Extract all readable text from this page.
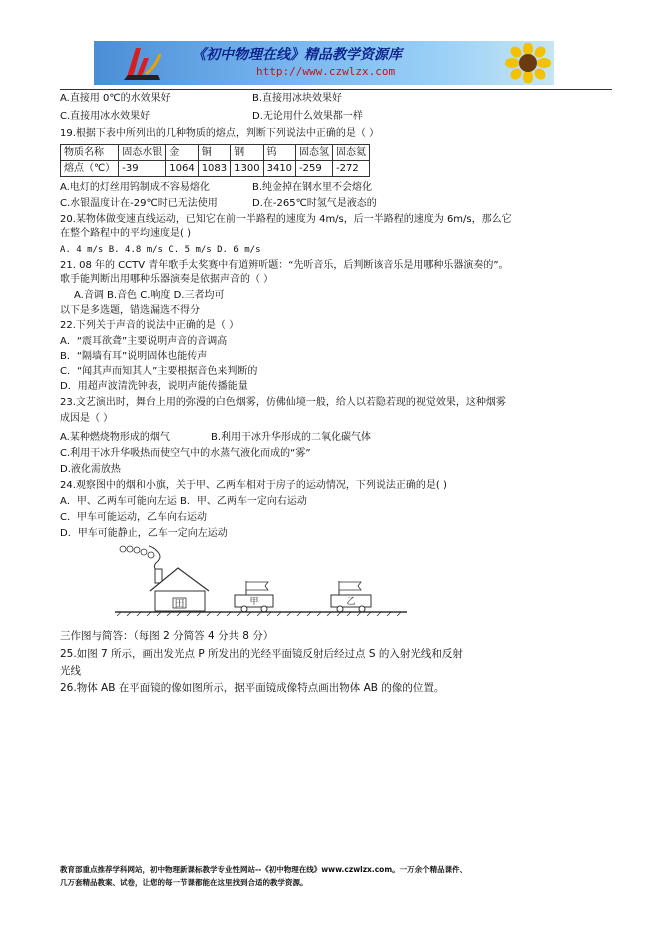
《初中物理在线》精品教学资源库
http://www.czwlzx.com
A.直接用 0℃的水效果好	B.直接用冰块效果好
C.直接用冰水效果好	D.无论用什么效果都一样
19.根据下表中所列出的几种物质的熔点，判断下列说法中正确的是（ ）
物质名称	固态水银	金	铜	钢	钨	固态氢	固态氦
熔点（℃）	-39	1064	1083	1300	3410	-259	-272
A.电灯的灯丝用钨制成不容易熔化	B.纯金掉在钢水里不会熔化
C.水银温度计在-29℃时已无法使用	D.在-265℃时氢气是液态的
20.某物体做变速直线运动，已知它在前一半路程的速度为 4m/s，后一半路程的速度为 6m/s，那么它
在整个路程中的平均速度是( )
A. 4 m/s B. 4.8 m/s C. 5 m/s D. 6 m/s
21. 08 年的 CCTV 青年歌手太奖赛中有道辨听题：“先听音乐，后判断该音乐是用哪种乐器演奏的”。
歌手能判断出用哪种乐器演奏是依据声音的（ ）
A.音调 B.音色 C.响度 D.三者均可
以下是多选题，错选漏选不得分
22.下列关于声音的说法中正确的是（ ）
A．“震耳欲聋”主要说明声音的音调高
B．“隔墙有耳”说明固体也能传声
C．“闻其声而知其人”主要根据音色来判断的
D．用超声波清洗钟表，说明声能传播能量
23.文艺演出时，舞台上用的弥漫的白色烟雾，仿佛仙境一般，给人以若隐若现的视觉效果，这种烟雾
成因是（ ）
A.某种燃烧物形成的烟气	B.利用干冰升华形成的二氧化碳气体
C.利用干冰升华吸热而使空气中的水蒸气液化而成的“雾”
D.液化需放热
24.观察图中的烟和小旗，关于甲、乙两车相对于房子的运动情况，下列说法正确的是( )
A．甲、乙两车可能向左运 B．甲、乙两车一定向右运动
C．甲车可能运动，乙车向右运动
D．甲车可能静止，乙车一定向左运动
田	甲	乙
三作图与简答：（每图 2 分简答 4 分共 8 分）
25.如图 7 所示，画出发光点 P 所发出的光经平面镜反射后经过点 S 的入射光线和反射
光线
26.物体 AB 在平面镜的像如图所示，据平面镜成像特点画出物体 AB 的像的位置。
教育部重点推荐学科网站，初中物理新课标教学专业性网站--《初中物理在线》www.czwlzx.com。一万余个精品课件、
几万套精品教案、试卷，让您的每一节课都能在这里找到合适的教学资源。
